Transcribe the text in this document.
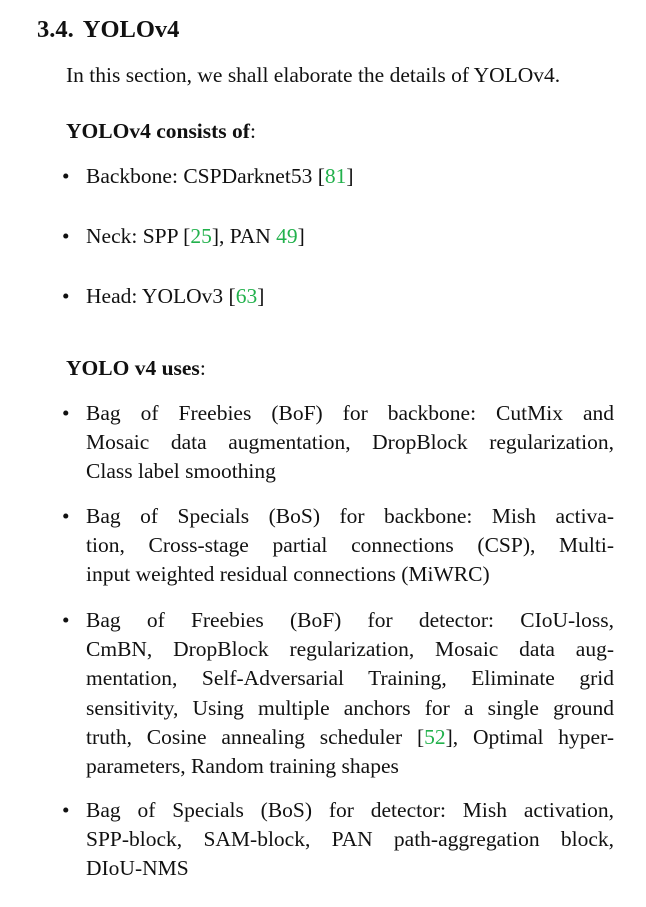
3.4. YOLOv4
In this section, we shall elaborate the details of YOLOv4.
YOLOv4 consists of:
• Backbone: CSPDarknet53 [81]
• Neck: SPP [25], PAN 49]
• Head: YOLOv3 [63]
YOLO v4 uses:
• Bag of Freebies (BoF) for backbone: CutMix and
Mosaic data augmentation, DropBlock regularization,
Class label smoothing
• Bag of Specials (BoS) for backbone: Mish activa-
tion, Cross-stage partial connections (CSP), Multi-
input weighted residual connections (MiWRC)
• Bag of Freebies (BoF) for detector: CIoU-loss,
CmBN, DropBlock regularization, Mosaic data aug-
mentation, Self-Adversarial Training, Eliminate grid
sensitivity, Using multiple anchors for a single ground
truth, Cosine annealing scheduler [52], Optimal hyper-
parameters, Random training shapes
• Bag of Specials (BoS) for detector: Mish activation,
SPP-block, SAM-block, PAN path-aggregation block,
DIoU-NMS
